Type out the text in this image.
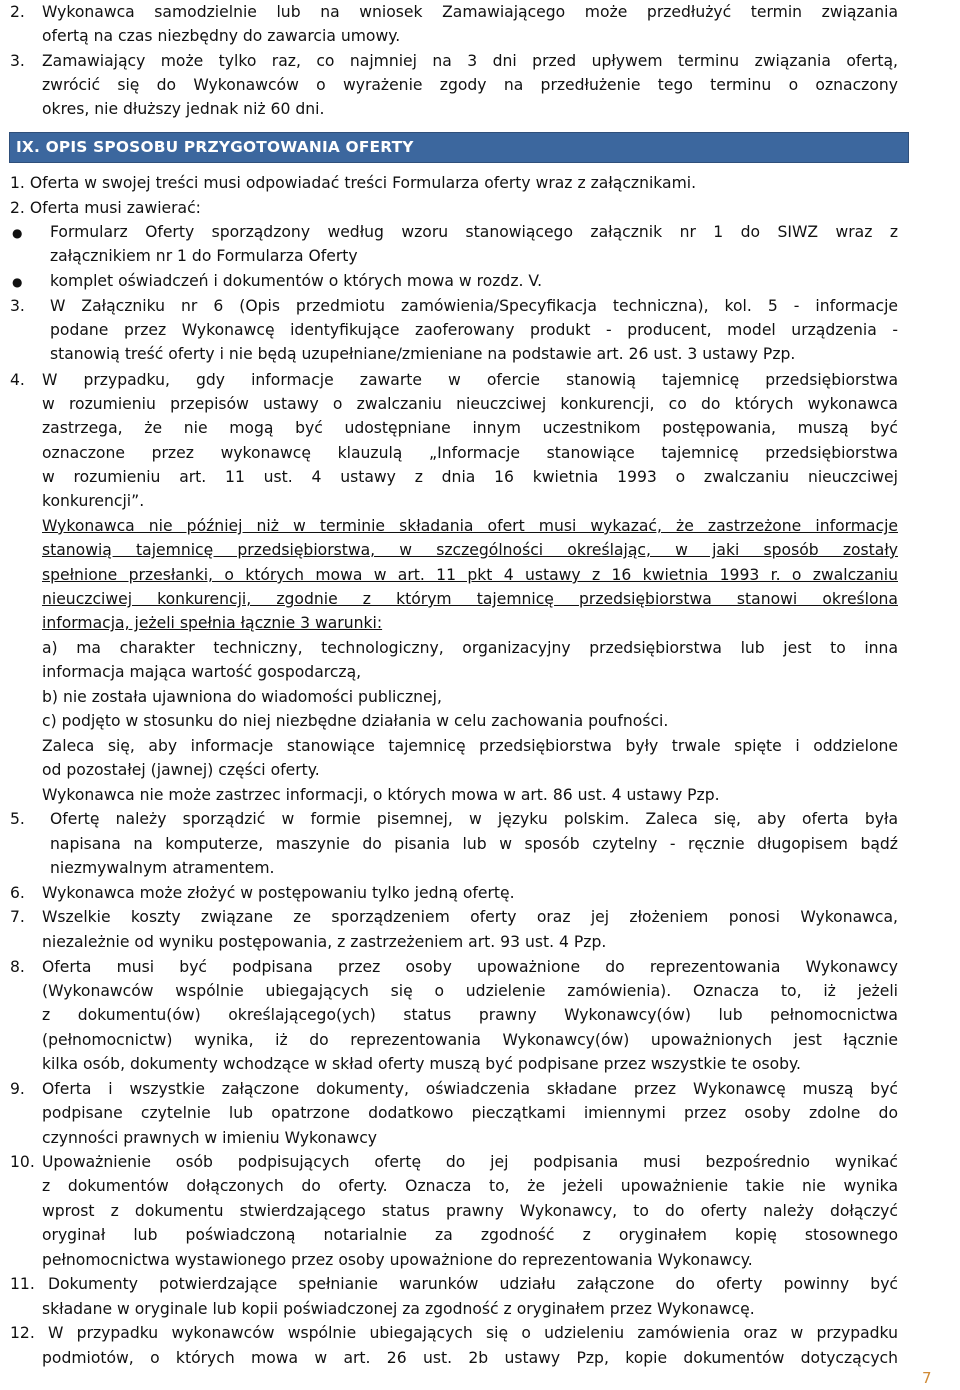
2. Wykonawca samodzielnie lub na wniosek Zamawiającego może przedłużyć termin związania
ofertą na czas niezbędny do zawarcia umowy.
3. Zamawiający może tylko raz, co najmniej na 3 dni przed upływem terminu związania ofertą,
zwrócić się do Wykonawców o wyrażenie zgody na przedłużenie tego terminu o oznaczony
okres, nie dłuższy jednak niż 60 dni.
IX. OPIS SPOSOBU PRZYGOTOWANIA OFERTY
1. Oferta w swojej treści musi odpowiadać treści Formularza oferty wraz z załącznikami.
2. Oferta musi zawierać:
● Formularz Oferty sporządzony według wzoru stanowiącego załącznik nr 1 do SIWZ wraz z
załącznikiem nr 1 do Formularza Oferty
● komplet oświadczeń i dokumentów o których mowa w rozdz. V.
3. W Załączniku nr 6 (Opis przedmiotu zamówienia/Specyfikacja techniczna), kol. 5 - informacje
podane przez Wykonawcę identyfikujące zaoferowany produkt - producent, model urządzenia -
stanowią treść oferty i nie będą uzupełniane/zmieniane na podstawie art. 26 ust. 3 ustawy Pzp.
4. W przypadku, gdy informacje zawarte w ofercie stanowią tajemnicę przedsiębiorstwa
w rozumieniu przepisów ustawy o zwalczaniu nieuczciwej konkurencji, co do których wykonawca
zastrzega, że nie mogą być udostępniane innym uczestnikom postępowania, muszą być
oznaczone przez wykonawcę klauzulą „Informacje stanowiące tajemnicę przedsiębiorstwa
w rozumieniu art. 11 ust. 4 ustawy z dnia 16 kwietnia 1993 o zwalczaniu nieuczciwej
konkurencji”.
Wykonawca nie później niż w terminie składania ofert musi wykazać, że zastrzeżone informacje
stanowią tajemnicę przedsiębiorstwa, w szczególności określając, w jaki sposób zostały
spełnione przesłanki, o których mowa w art. 11 pkt 4 ustawy z 16 kwietnia 1993 r. o zwalczaniu
nieuczciwej konkurencji, zgodnie z którym tajemnicę przedsiębiorstwa stanowi określona
informacja, jeżeli spełnia łącznie 3 warunki:
a) ma charakter techniczny, technologiczny, organizacyjny przedsiębiorstwa lub jest to inna
informacja mająca wartość gospodarczą,
b) nie została ujawniona do wiadomości publicznej,
c) podjęto w stosunku do niej niezbędne działania w celu zachowania poufności.
Zaleca się, aby informacje stanowiące tajemnicę przedsiębiorstwa były trwale spięte i oddzielone
od pozostałej (jawnej) części oferty.
Wykonawca nie może zastrzec informacji, o których mowa w art. 86 ust. 4 ustawy Pzp.
5. Ofertę należy sporządzić w formie pisemnej, w języku polskim. Zaleca się, aby oferta była
napisana na komputerze, maszynie do pisania lub w sposób czytelny - ręcznie długopisem bądź
niezmywalnym atramentem.
6. Wykonawca może złożyć w postępowaniu tylko jedną ofertę.
7. Wszelkie koszty związane ze sporządzeniem oferty oraz jej złożeniem ponosi Wykonawca,
niezależnie od wyniku postępowania, z zastrzeżeniem art. 93 ust. 4 Pzp.
8. Oferta musi być podpisana przez osoby upoważnione do reprezentowania Wykonawcy
(Wykonawców wspólnie ubiegających się o udzielenie zamówienia). Oznacza to, iż jeżeli
z dokumentu(ów) określającego(ych) status prawny Wykonawcy(ów) lub pełnomocnictwa
(pełnomocnictw) wynika, iż do reprezentowania Wykonawcy(ów) upoważnionych jest łącznie
kilka osób, dokumenty wchodzące w skład oferty muszą być podpisane przez wszystkie te osoby.
9. Oferta i wszystkie załączone dokumenty, oświadczenia składane przez Wykonawcę muszą być
podpisane czytelnie lub opatrzone dodatkowo pieczątkami imiennymi przez osoby zdolne do
czynności prawnych w imieniu Wykonawcy
10. Upoważnienie osób podpisujących ofertę do jej podpisania musi bezpośrednio wynikać
z dokumentów dołączonych do oferty. Oznacza to, że jeżeli upoważnienie takie nie wynika
wprost z dokumentu stwierdzającego status prawny Wykonawcy, to do oferty należy dołączyć
oryginał lub poświadczoną notarialnie za zgodność z oryginałem kopię stosownego
pełnomocnictwa wystawionego przez osoby upoważnione do reprezentowania Wykonawcy.
11. Dokumenty potwierdzające spełnianie warunków udziału załączone do oferty powinny być
składane w oryginale lub kopii poświadczonej za zgodność z oryginałem przez Wykonawcę.
12. W przypadku wykonawców wspólnie ubiegających się o udzieleniu zamówienia oraz w przypadku
podmiotów, o których mowa w art. 26 ust. 2b ustawy Pzp, kopie dokumentów dotyczących
7
